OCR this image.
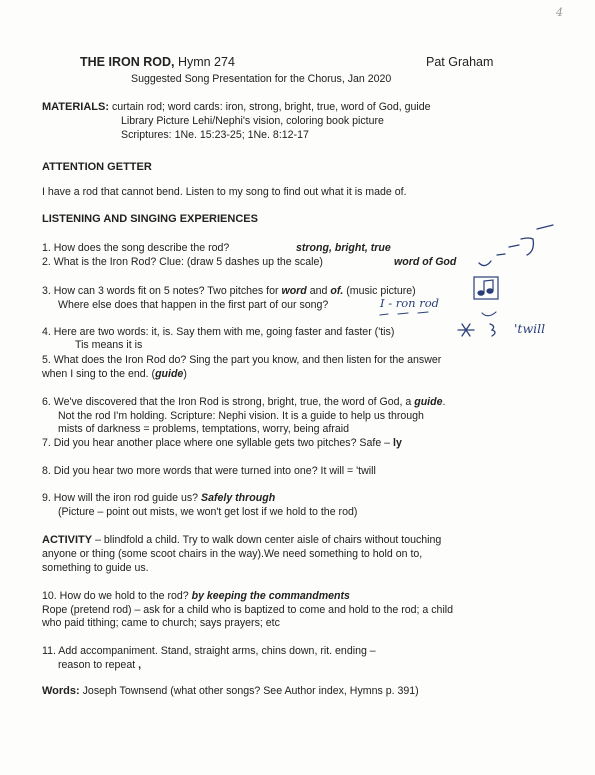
4
THE IRON ROD, Hymn 274	Pat Graham
Suggested Song Presentation for the Chorus, Jan 2020
MATERIALS: curtain rod; word cards: iron, strong, bright, true, word of God, guide
Library Picture Lehi/Nephi's vision, coloring book picture
Scriptures: 1Ne. 15:23-25; 1Ne. 8:12-17
ATTENTION GETTER
I have a rod that cannot bend. Listen to my song to find out what it is made of.
LISTENING AND SINGING EXPERIENCES
1. How does the song describe the rod?	strong, bright, true
2. What is the Iron Rod? Clue: (draw 5 dashes up the scale)	word of God
3. How can 3 words fit on 5 notes? Two pitches for word and of. (music picture)
Where else does that happen in the first part of our song?	I - ron rod
4. Here are two words: it, is. Say them with me, going faster and faster ('tis)	'twill
Tis means it is
5. What does the Iron Rod do? Sing the part you know, and then listen for the answer
when I sing to the end. (guide)
6. We've discovered that the Iron Rod is strong, bright, true, the word of God, a guide.
Not the rod I'm holding. Scripture: Nephi vision. It is a guide to help us through
mists of darkness = problems, temptations, worry, being afraid
7. Did you hear another place where one syllable gets two pitches? Safe – ly
8. Did you hear two more words that were turned into one? It will = 'twill
9. How will the iron rod guide us? Safely through
(Picture – point out mists, we won't get lost if we hold to the rod)
ACTIVITY – blindfold a child. Try to walk down center aisle of chairs without touching
anyone or thing (some scoot chairs in the way).We need something to hold on to,
something to guide us.
10. How do we hold to the rod? by keeping the commandments
Rope (pretend rod) – ask for a child who is baptized to come and hold to the rod; a child
who paid tithing; came to church; says prayers; etc
11. Add accompaniment. Stand, straight arms, chins down, rit. ending –
reason to repeat ,
Words: Joseph Townsend (what other songs? See Author index, Hymns p. 391)
